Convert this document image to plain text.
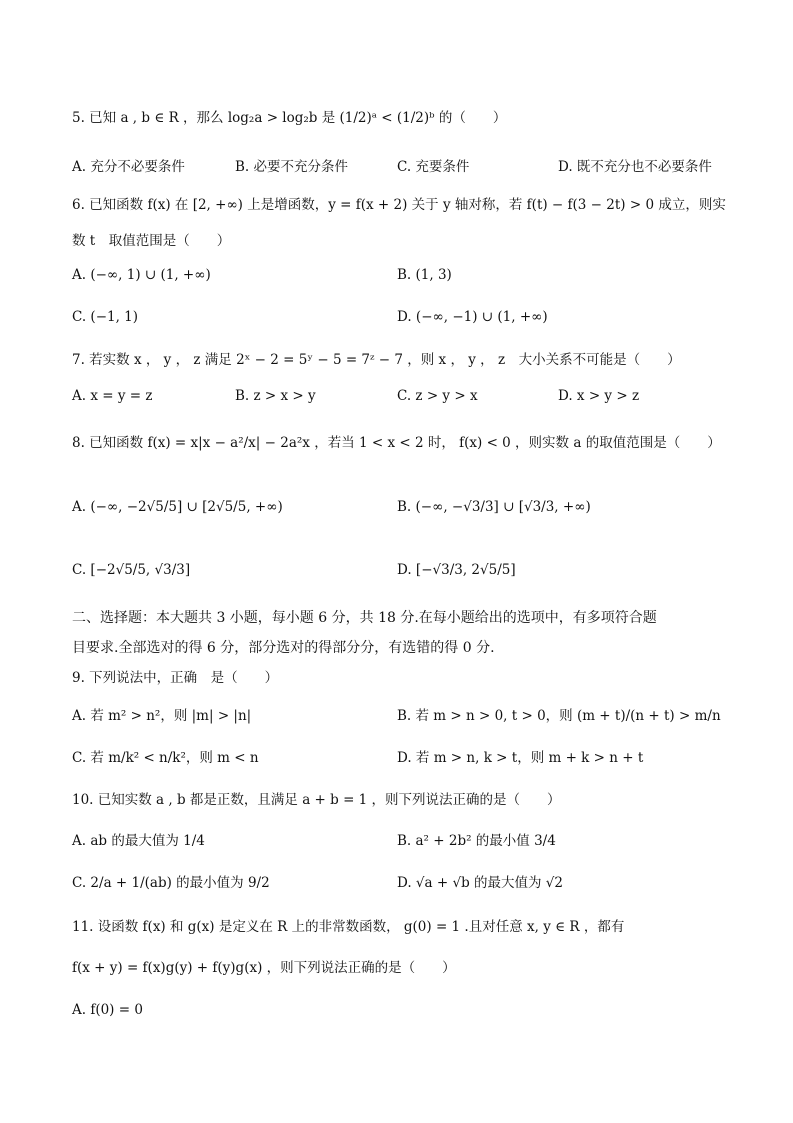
5. 已知 a , b ∈ R ，那么 log₂a > log₂b 是 (1/2)ᵃ < (1/2)ᵇ 的（　　）
A. 充分不必要条件	B. 必要不充分条件	C. 充要条件	D. 既不充分也不必要条件
6. 已知函数 f(x) 在 [2, +∞) 上是增函数，y = f(x + 2) 关于 y 轴对称，若 f(t) − f(3 − 2t) > 0 成立，则实
数 t　取值范围是（　　）
A. (−∞, 1) ∪ (1, +∞)	B. (1, 3)
C. (−1, 1)	D. (−∞, −1) ∪ (1, +∞)
7. 若实数 x ， y ， z 满足 2ˣ − 2 = 5ʸ − 5 = 7ᶻ − 7 ，则 x ， y ， z　大小关系不可能是（　　）
A. x = y = z	B. z > x > y	C. z > y > x	D. x > y > z
8. 已知函数 f(x) = x|x − a²/x| − 2a²x ，若当 1 < x < 2 时， f(x) < 0 ，则实数 a 的取值范围是（　　）
A. (−∞, −2√5/5] ∪ [2√5/5, +∞)	B. (−∞, −√3/3] ∪ [√3/3, +∞)
C. [−2√5/5, √3/3]	D. [−√3/3, 2√5/5]
二、选择题：本大题共 3 小题，每小题 6 分，共 18 分.在每小题给出的选项中，有多项符合题
目要求.全部选对的得 6 分，部分选对的得部分分，有选错的得 0 分.
9. 下列说法中，正确　是（　　）
A. 若 m² > n²，则 |m| > |n|	B. 若 m > n > 0, t > 0，则 (m + t)/(n + t) > m/n
C. 若 m/k² < n/k²，则 m < n	D. 若 m > n, k > t，则 m + k > n + t
10. 已知实数 a , b 都是正数，且满足 a + b = 1 ，则下列说法正确的是（　　）
A. ab 的最大值为 1/4	B. a² + 2b² 的最小值 3/4
C. 2/a + 1/(ab) 的最小值为 9/2	D. √a + √b 的最大值为 √2
11. 设函数 f(x) 和 g(x) 是定义在 R 上的非常数函数， g(0) = 1 .且对任意 x, y ∈ R ，都有
f(x + y) = f(x)g(y) + f(y)g(x) ，则下列说法正确的是（　　）
A. f(0) = 0
